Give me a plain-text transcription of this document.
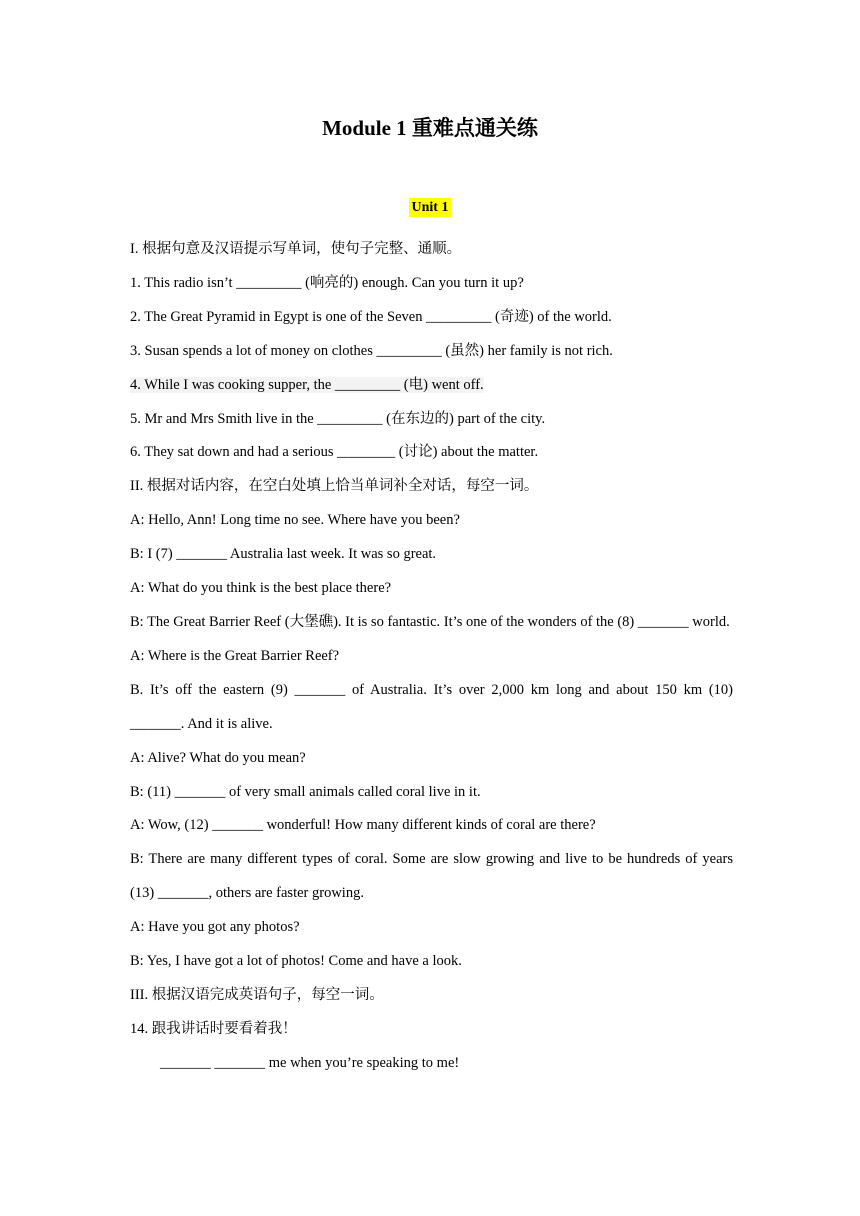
Module 1 重难点通关练
Unit 1

I. 根据句意及汉语提示写单词，使句子完整、通顺。

1. This radio isn’t _________ (响亮的) enough. Can you turn it up?

2. The Great Pyramid in Egypt is one of the Seven _________ (奇迹) of the world.

3. Susan spends a lot of money on clothes _________ (虽然) her family is not rich.

4. While I was cooking supper, the _________ (电) went off.

5. Mr and Mrs Smith live in the _________ (在东边的) part of the city.

6. They sat down and had a serious ________ (讨论) about the matter.

II. 根据对话内容，在空白处填上恰当单词补全对话，每空一词。

A: Hello, Ann! Long time no see. Where have you been?

B: I (7) _______ Australia last week. It was so great.

A: What do you think is the best place there?

B: The Great Barrier Reef (大堡礁). It is so fantastic. It’s one of the wonders of the (8) _______ world.

A: Where is the Great Barrier Reef?

B. It’s off the eastern (9) _______ of Australia. It’s over 2,000 km long and about 150 km (10) _______. And it is alive.

A: Alive? What do you mean?

B: (11) _______ of very small animals called coral live in it.

A: Wow, (12) _______ wonderful! How many different kinds of coral are there?

B: There are many different types of coral. Some are slow growing and live to be hundreds of years (13) _______, others are faster growing.

A: Have you got any photos?

B: Yes, I have got a lot of photos! Come and have a look.

III. 根据汉语完成英语句子，每空一词。

14. 跟我讲话时要看着我！

_______ _______ me when you’re speaking to me!
